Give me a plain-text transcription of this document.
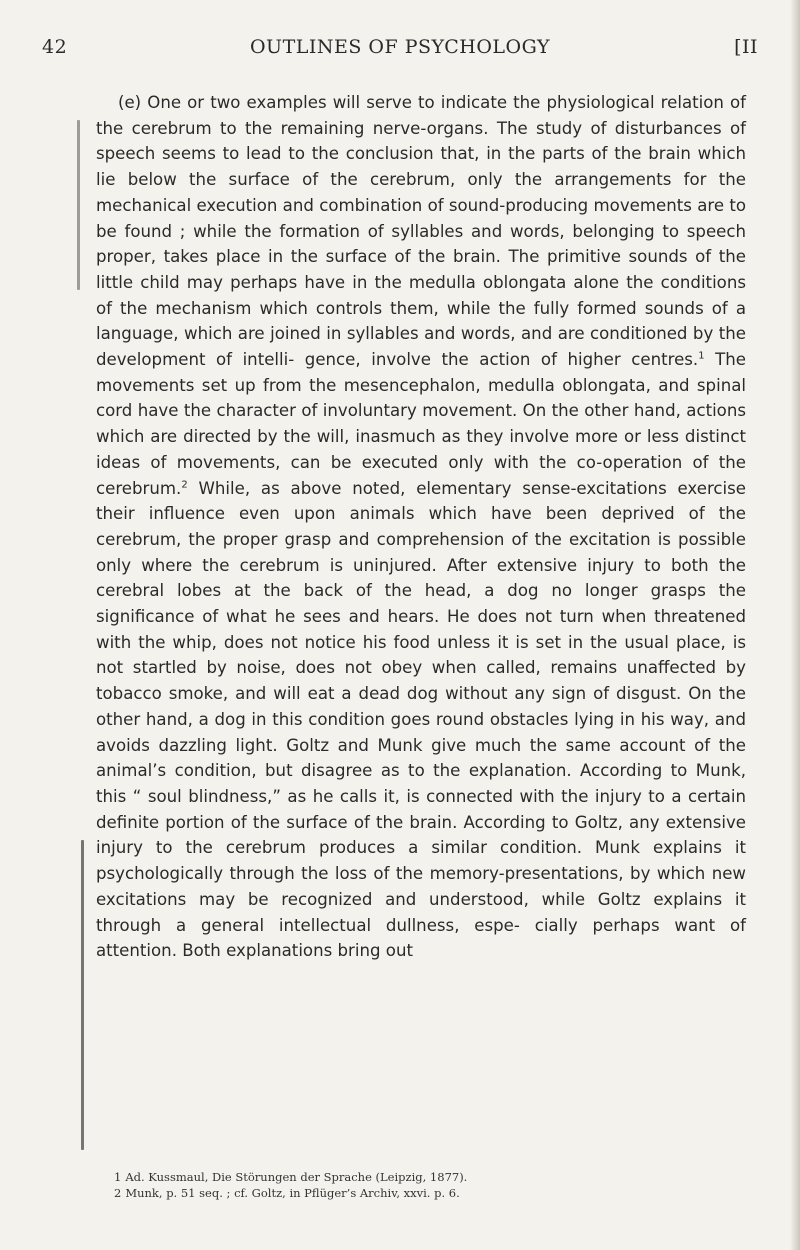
42	OUTLINES OF PSYCHOLOGY	[II

(e) One or two examples will serve to indicate the physiological relation of the cerebrum to the remaining nerve-organs. The study of disturbances of speech seems to lead to the conclusion that, in the parts of the brain which lie below the surface of the cerebrum, only the arrangements for the mechanical execution and combination of sound-producing movements are to be found ; while the formation of syllables and words, belonging to speech proper, takes place in the surface of the brain. The primitive sounds of the little child may perhaps have in the medulla oblongata alone the conditions of the mechanism which controls them, while the fully formed sounds of a language, which are joined in syllables and words, and are conditioned by the development of intelli- gence, involve the action of higher centres.$^1$ The movements set up from the mesencephalon, medulla oblongata, and spinal cord have the character of involuntary movement. On the other hand, actions which are directed by the will, inasmuch as they involve more or less distinct ideas of movements, can be executed only with the co-operation of the cerebrum.$^2$ While, as above noted, elementary sense-excitations exercise their influence even upon animals which have been deprived of the cerebrum, the proper grasp and comprehension of the excitation is possible only where the cerebrum is uninjured. After extensive injury to both the cerebral lobes at the back of the head, a dog no longer grasps the significance of what he sees and hears. He does not turn when threatened with the whip, does not notice his food unless it is set in the usual place, is not startled by noise, does not obey when called, remains unaffected by tobacco smoke, and will eat a dead dog without any sign of disgust. On the other hand, a dog in this condition goes round obstacles lying in his way, and avoids dazzling light. Goltz and Munk give much the same account of the animal’s condition, but disagree as to the explanation. According to Munk, this “ soul blindness,” as he calls it, is connected with the injury to a certain definite portion of the surface of the brain. According to Goltz, any extensive injury to the cerebrum produces a similar condition. Munk explains it psychologically through the loss of the memory-presentations, by which new excitations may be recognized and understood, while Goltz explains it through a general intellectual dullness, espe- cially perhaps want of attention. Both explanations bring out

1 Ad. Kussmaul, Die Störungen der Sprache (Leipzig, 1877).
2 Munk, p. 51 seq. ; cf. Goltz, in Pflüger’s Archiv, xxvi. p. 6.
